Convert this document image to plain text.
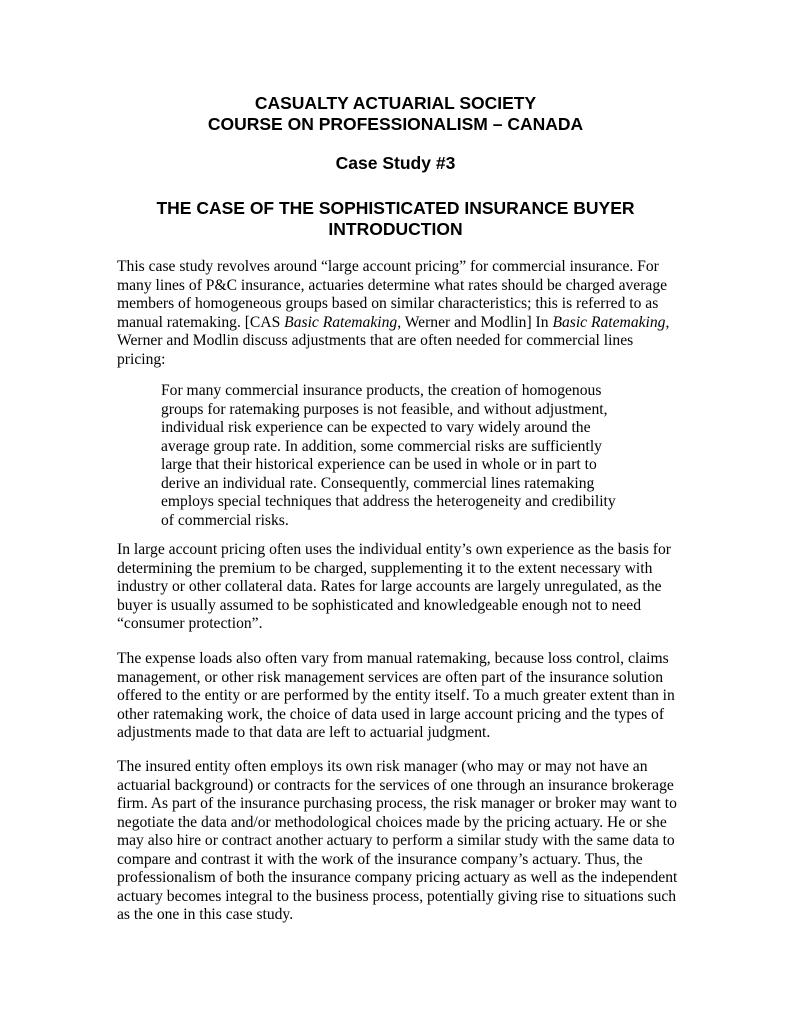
CASUALTY ACTUARIAL SOCIETY
COURSE ON PROFESSIONALISM – CANADA
Case Study #3
THE CASE OF THE SOPHISTICATED INSURANCE BUYER
INTRODUCTION
This case study revolves around “large account pricing” for commercial insurance. For
many lines of P&C insurance, actuaries determine what rates should be charged average
members of homogeneous groups based on similar characteristics; this is referred to as
manual ratemaking. [CAS Basic Ratemaking, Werner and Modlin] In Basic Ratemaking,
Werner and Modlin discuss adjustments that are often needed for commercial lines
pricing:
For many commercial insurance products, the creation of homogenous
groups for ratemaking purposes is not feasible, and without adjustment,
individual risk experience can be expected to vary widely around the
average group rate. In addition, some commercial risks are sufficiently
large that their historical experience can be used in whole or in part to
derive an individual rate. Consequently, commercial lines ratemaking
employs special techniques that address the heterogeneity and credibility
of commercial risks.
In large account pricing often uses the individual entity’s own experience as the basis for
determining the premium to be charged, supplementing it to the extent necessary with
industry or other collateral data. Rates for large accounts are largely unregulated, as the
buyer is usually assumed to be sophisticated and knowledgeable enough not to need
“consumer protection”.
The expense loads also often vary from manual ratemaking, because loss control, claims
management, or other risk management services are often part of the insurance solution
offered to the entity or are performed by the entity itself. To a much greater extent than in
other ratemaking work, the choice of data used in large account pricing and the types of
adjustments made to that data are left to actuarial judgment.
The insured entity often employs its own risk manager (who may or may not have an
actuarial background) or contracts for the services of one through an insurance brokerage
firm. As part of the insurance purchasing process, the risk manager or broker may want to
negotiate the data and/or methodological choices made by the pricing actuary. He or she
may also hire or contract another actuary to perform a similar study with the same data to
compare and contrast it with the work of the insurance company’s actuary. Thus, the
professionalism of both the insurance company pricing actuary as well as the independent
actuary becomes integral to the business process, potentially giving rise to situations such
as the one in this case study.
